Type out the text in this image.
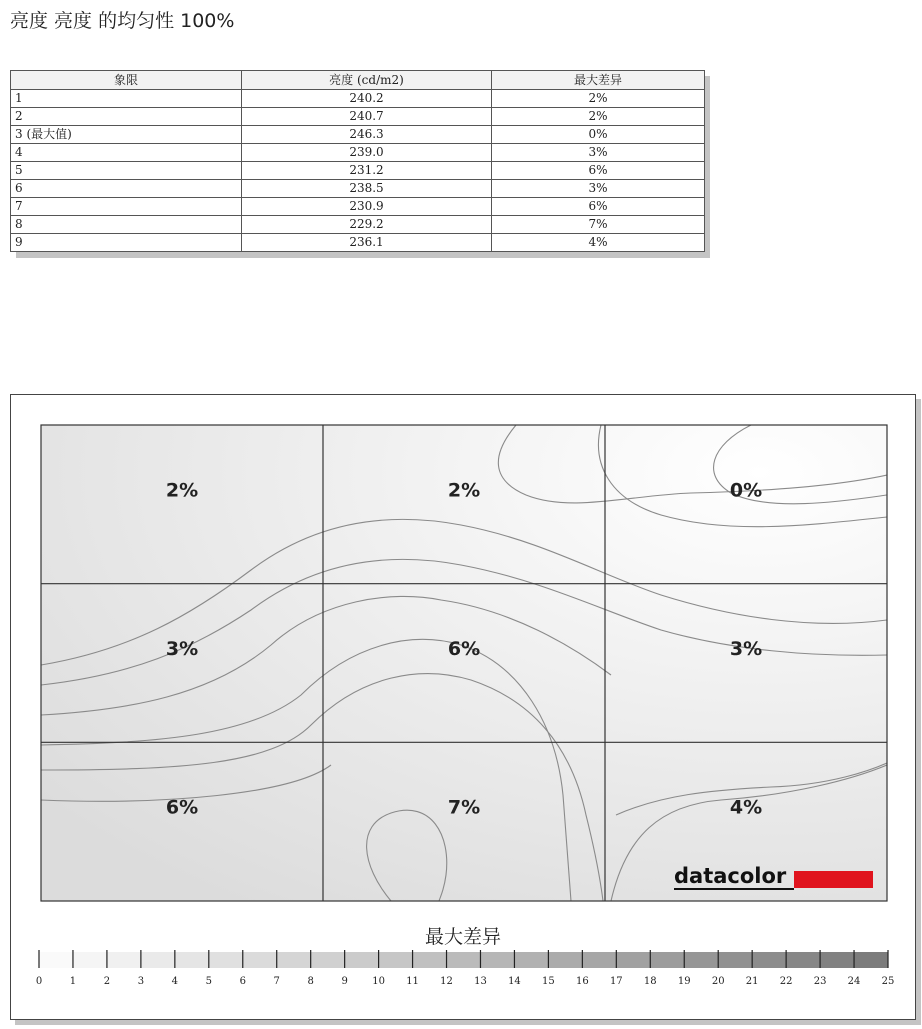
亮度 亮度 的均匀性 100%
象限	亮度 (cd/m2)	最大差异
1	240.2	2%
2	240.7	2%
3 (最大值)	246.3	0%
4	239.0	3%
5	231.2	6%
6	238.5	3%
7	230.9	6%
8	229.2	7%
9	236.1	4%
2%	2%	0%
3%	6%	3%
6%	7%	4%
datacolor
最大差异
0	1	2	3	4	5	6	7	8	9 10 11 12 13 14 15 16 17 18 19 20 21 22 23 24 25
